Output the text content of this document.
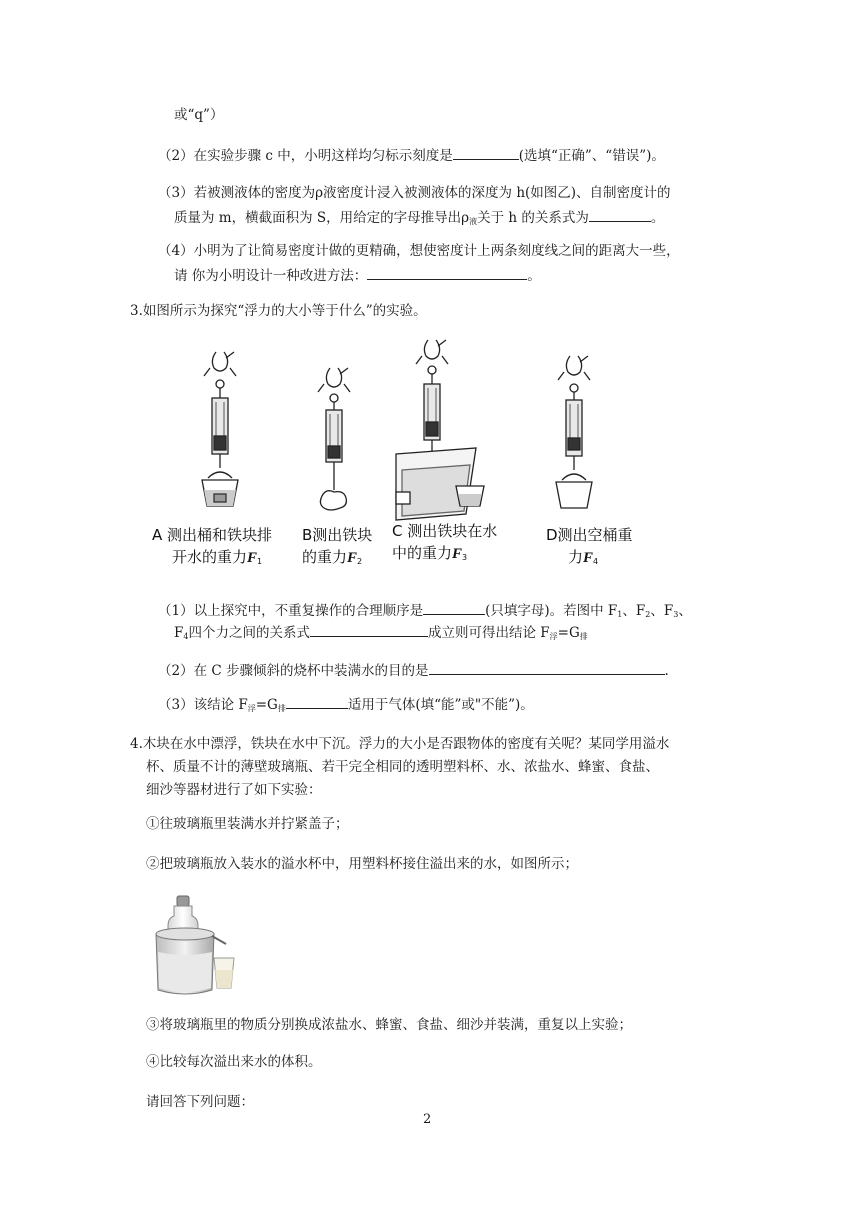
或“q”）
（2）在实验步骤 c 中，小明这样均匀标示刻度是	(选填“正确”、“错误”)。
（3）若被测液体的密度为ρ液密度计浸入被测液体的深度为 h(如图乙)、自制密度计的
质量为 m，横截面积为 S，用给定的字母推导出$\rho_液$关于 h 的关系式为	。
（4）小明为了让简易密度计做的更精确，想使密度计上两条刻度线之间的距离大一些，
请 你为小明设计一种改进方法：	。
3.如图所示为探究“浮力的大小等于什么”的实验。
A 测出桶和铁块排
开水的重力$F_1$
B测出铁块
的重力$F_2$
C 测出铁块在水
中的重力$F_3$
D测出空桶重
力$F_4$
（1）以上探究中，不重复操作的合理顺序是	(只填字母)。若图中 $F_1$、$F_2$、$F_3$、
$F_4$四个力之间的关系式	成立则可得出结论 $F_浮=G_排$
（2）在 C 步骤倾斜的烧杯中装满水的目的是	.
（3）该结论 $F_浮=G_排$	适用于气体(填“能”或"不能”)。
4.木块在水中漂浮，铁块在水中下沉。浮力的大小是否跟物体的密度有关呢？某同学用溢水
杯、质量不计的薄壁玻璃瓶、若干完全相同的透明塑料杯、水、浓盐水、蜂蜜、食盐、
细沙等器材进行了如下实验：
①往玻璃瓶里装满水并拧紧盖子；
②把玻璃瓶放入装水的溢水杯中，用塑料杯接住溢出来的水，如图所示；
③将玻璃瓶里的物质分别换成浓盐水、蜂蜜、食盐、细沙并装满，重复以上实验；
④比较每次溢出来水的体积。
请回答下列问题：
2
